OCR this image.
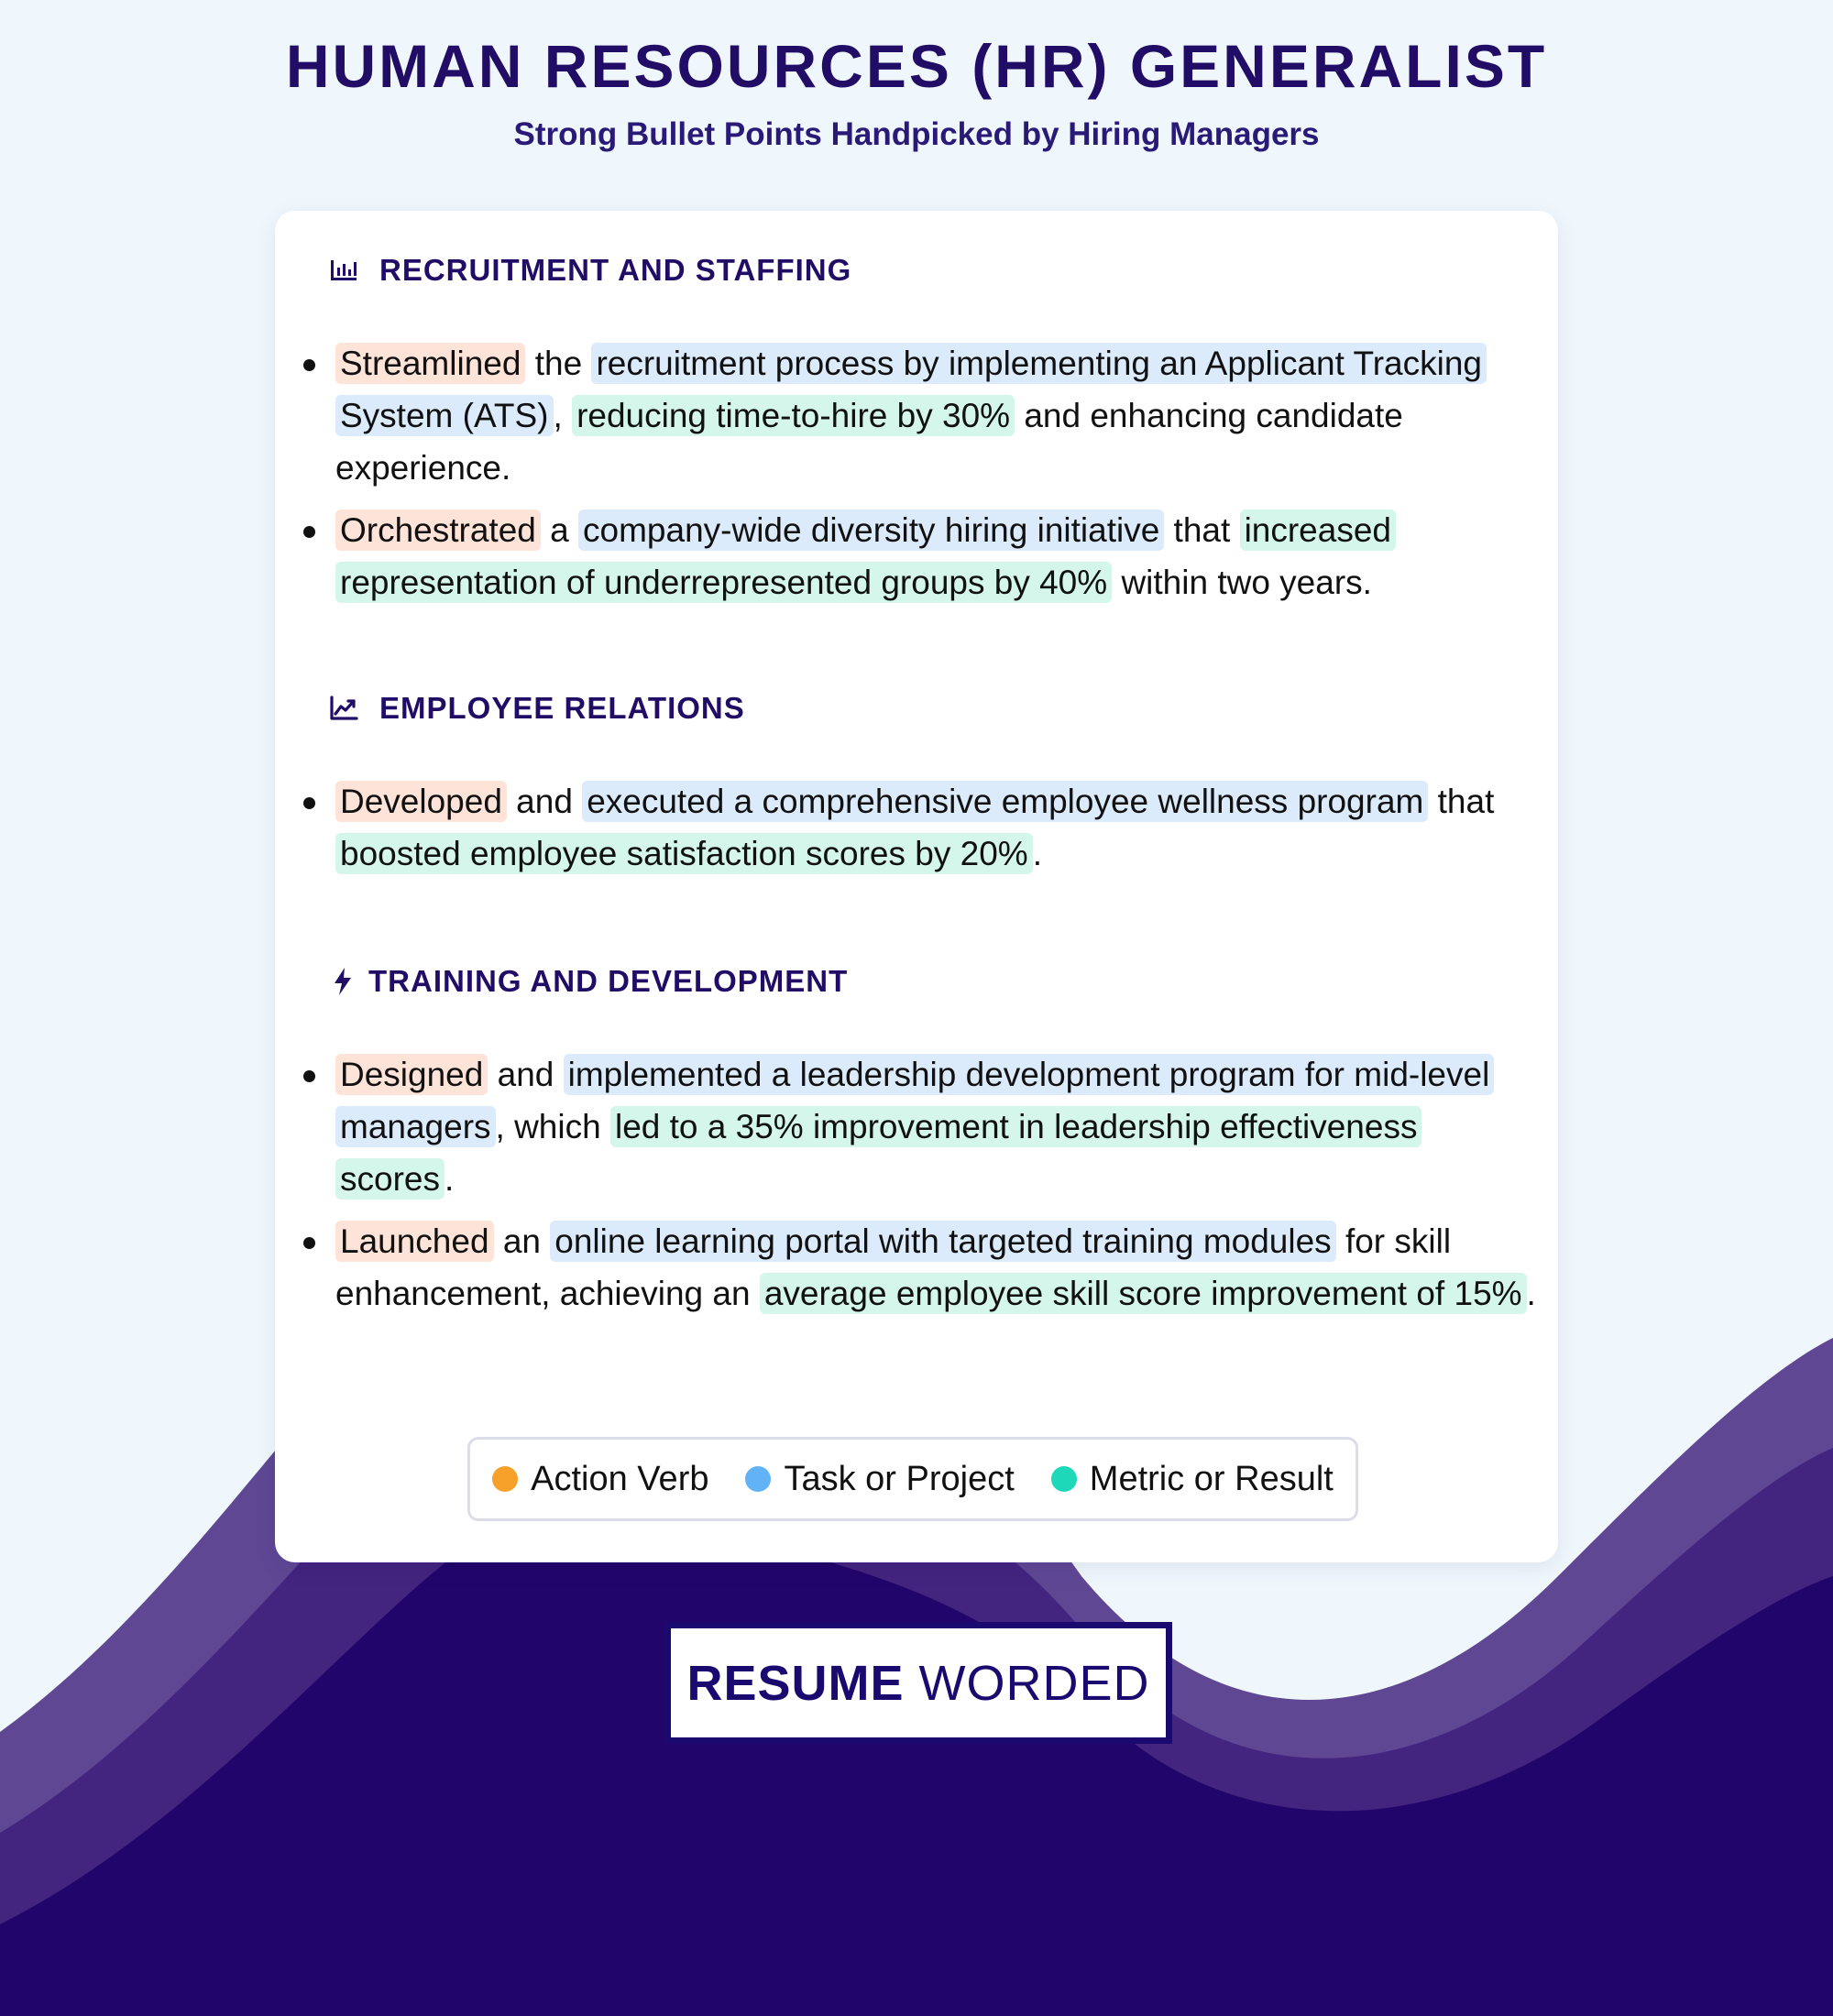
HUMAN RESOURCES (HR) GENERALIST
Strong Bullet Points Handpicked by Hiring Managers
RECRUITMENT AND STAFFING
Streamlined the recruitment process by implementing an Applicant Tracking System (ATS) , reducing time-to-hire by 30% and enhancing candidate experience.
Orchestrated a company-wide diversity hiring initiative that increased representation of underrepresented groups by 40% within two years.
EMPLOYEE RELATIONS
Developed and executed a comprehensive employee wellness program that boosted employee satisfaction scores by 20% .
TRAINING AND DEVELOPMENT
Designed and implemented a leadership development program for mid-level managers , which led to a 35% improvement in leadership effectiveness scores .
Launched an online learning portal with targeted training modules for skill enhancement, achieving an average employee skill score improvement of 15% .
Action Verb Task or Project Metric or Result
RESUME WORDED
